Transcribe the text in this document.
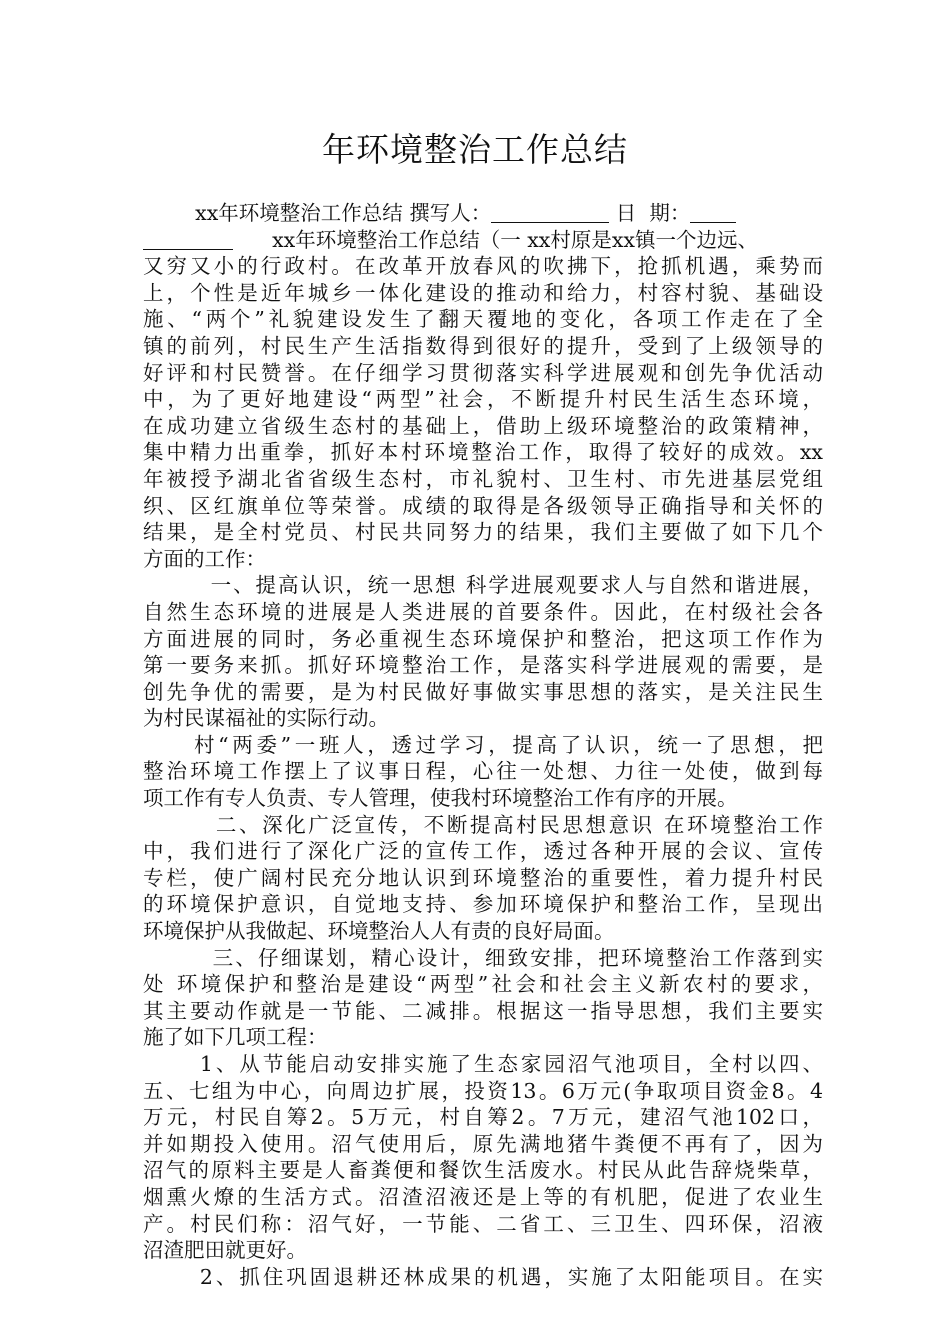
年环境整治工作总结
xx年环境整治工作总结 撰写人：	日  期：
xx年环境整治工作总结（一 xx村原是xx镇一个边远、
又穷又小的行政村。在改革开放春风的吹拂下，抢抓机遇，乘势而
上，个性是近年城乡一体化建设的推动和给力，村容村貌、基础设
施、“两个”礼貌建设发生了翻天覆地的变化，各项工作走在了全
镇的前列，村民生产生活指数得到很好的提升，受到了上级领导的
好评和村民赞誉。在仔细学习贯彻落实科学进展观和创先争优活动
中，为了更好地建设“两型”社会，不断提升村民生活生态环境，
在成功建立省级生态村的基础上，借助上级环境整治的政策精神，
集中精力出重拳，抓好本村环境整治工作，取得了较好的成效。xx
年被授予湖北省省级生态村，市礼貌村、卫生村、市先进基层党组
织、区红旗单位等荣誉。成绩的取得是各级领导正确指导和关怀的
结果，是全村党员、村民共同努力的结果，我们主要做了如下几个
方面的工作：
一、提高认识，统一思想 科学进展观要求人与自然和谐进展，
自然生态环境的进展是人类进展的首要条件。因此，在村级社会各
方面进展的同时，务必重视生态环境保护和整治，把这项工作作为
第一要务来抓。抓好环境整治工作，是落实科学进展观的需要，是
创先争优的需要，是为村民做好事做实事思想的落实，是关注民生
为村民谋福祉的实际行动。
村“两委”一班人，透过学习，提高了认识，统一了思想，把
整治环境工作摆上了议事日程，心往一处想、力往一处使，做到每
项工作有专人负责、专人管理，使我村环境整治工作有序的开展。
二、深化广泛宣传，不断提高村民思想意识 在环境整治工作
中，我们进行了深化广泛的宣传工作，透过各种开展的会议、宣传
专栏，使广阔村民充分地认识到环境整治的重要性，着力提升村民
的环境保护意识，自觉地支持、参加环境保护和整治工作，呈现出
环境保护从我做起、环境整治人人有责的良好局面。
三、仔细谋划，精心设计，细致安排，把环境整治工作落到实
处 环境保护和整治是建设“两型”社会和社会主义新农村的要求，
其主要动作就是一节能、二减排。根据这一指导思想，我们主要实
施了如下几项工程：
1、从节能启动安排实施了生态家园沼气池项目，全村以四、
五、七组为中心，向周边扩展，投资13。6万元(争取项目资金8。4
万元，村民自筹2。5万元，村自筹2。7万元，建沼气池102口，
并如期投入使用。沼气使用后，原先满地猪牛粪便不再有了，因为
沼气的原料主要是人畜粪便和餐饮生活废水。村民从此告辞烧柴草，
烟熏火燎的生活方式。沼渣沼液还是上等的有机肥，促进了农业生
产。村民们称：沼气好，一节能、二省工、三卫生、四环保，沼液
沼渣肥田就更好。
2、抓住巩固退耕还林成果的机遇，实施了太阳能项目。在实
